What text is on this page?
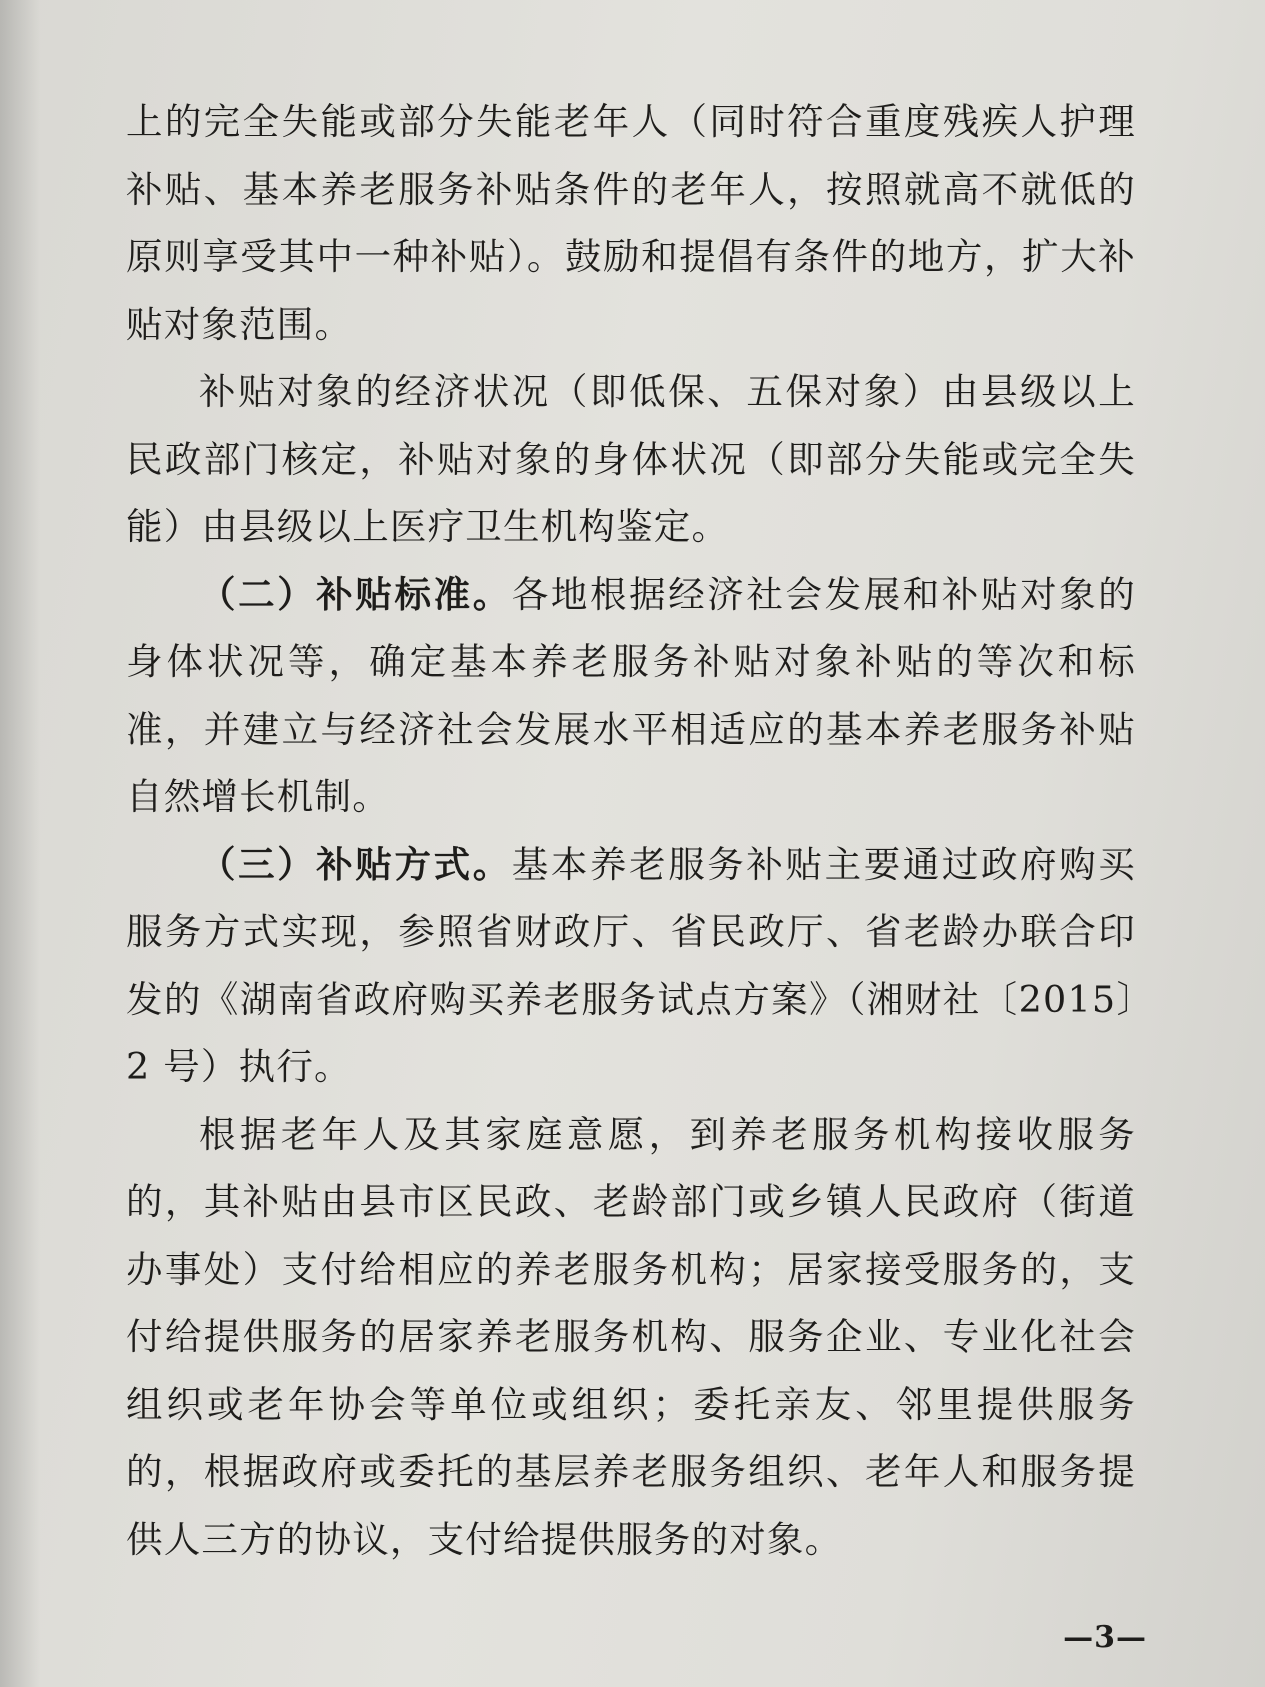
上的完全失能或部分失能老年人（同时符合重度残疾人护理补贴、基本养老服务补贴条件的老年人，按照就高不就低的原则享受其中一种补贴）。鼓励和提倡有条件的地方，扩大补贴对象范围。

补贴对象的经济状况（即低保、五保对象）由县级以上民政部门核定，补贴对象的身体状况（即部分失能或完全失能）由县级以上医疗卫生机构鉴定。

（二）补贴标准。各地根据经济社会发展和补贴对象的身体状况等，确定基本养老服务补贴对象补贴的等次和标准，并建立与经济社会发展水平相适应的基本养老服务补贴自然增长机制。

（三）补贴方式。基本养老服务补贴主要通过政府购买服务方式实现，参照省财政厅、省民政厅、省老龄办联合印发的《湖南省政府购买养老服务试点方案》（湘财社〔2015〕2 号）执行。

根据老年人及其家庭意愿，到养老服务机构接收服务的，其补贴由县市区民政、老龄部门或乡镇人民政府（街道办事处）支付给相应的养老服务机构；居家接受服务的，支付给提供服务的居家养老服务机构、服务企业、专业化社会组织或老年协会等单位或组织；委托亲友、邻里提供服务的，根据政府或委托的基层养老服务组织、老年人和服务提供人三方的协议，支付给提供服务的对象。

—3—
